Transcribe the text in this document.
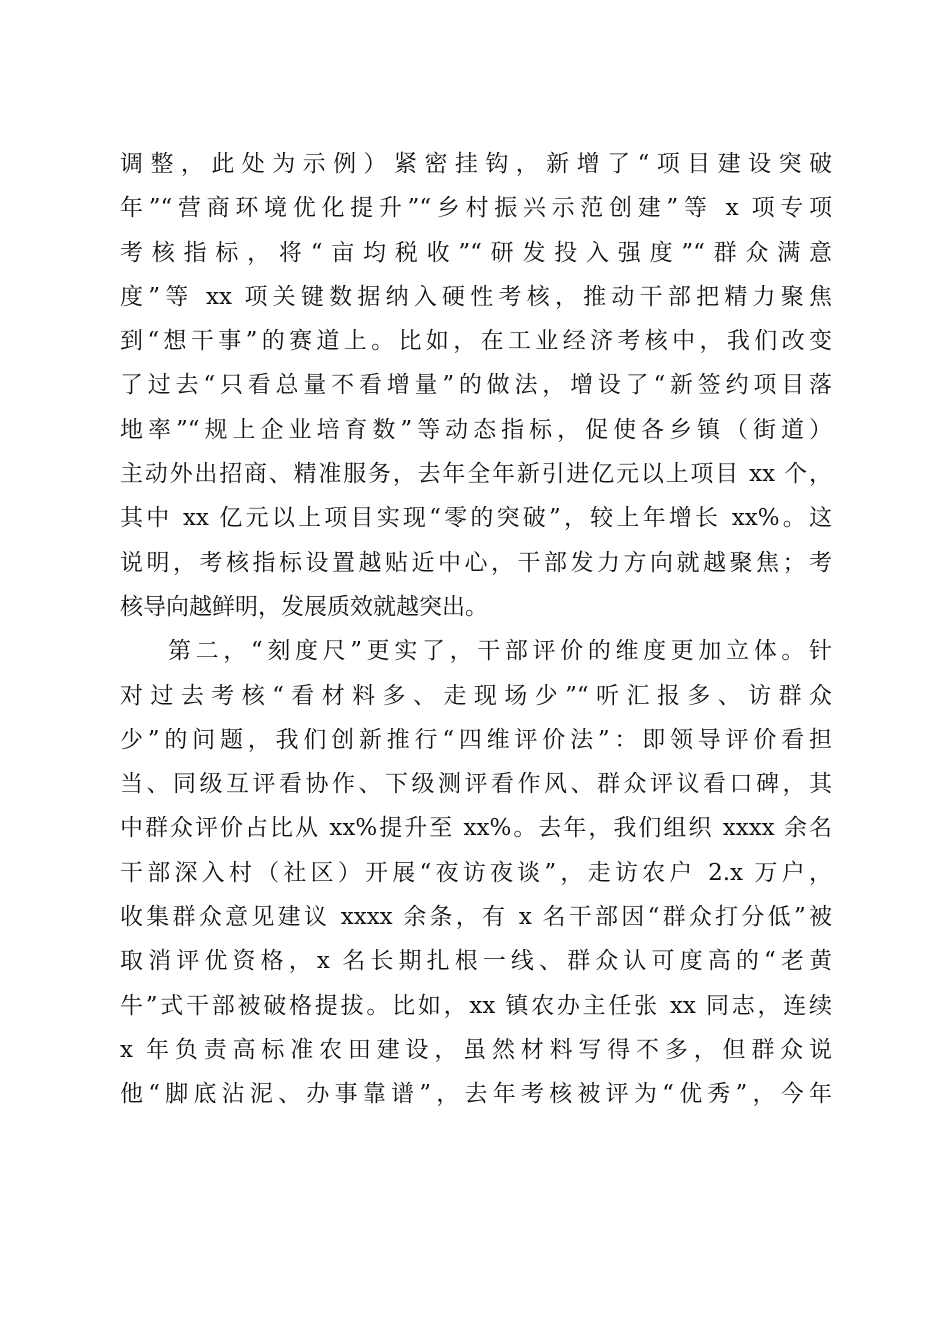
调整，此处为示例）紧密挂钩，新增了“项目建设突破
年”“营商环境优化提升”“乡村振兴示范创建”等 x 项专项
考核指标，将“亩均税收”“研发投入强度”“群众满意
度”等 xx 项关键数据纳入硬性考核，推动干部把精力聚焦
到“想干事”的赛道上。比如，在工业经济考核中，我们改变
了过去“只看总量不看增量”的做法，增设了“新签约项目落
地率”“规上企业培育数”等动态指标，促使各乡镇（街道）
主动外出招商、精准服务，去年全年新引进亿元以上项目 xx 个，
其中 xx 亿元以上项目实现“零的突破”，较上年增长 xx%。这
说明，考核指标设置越贴近中心，干部发力方向就越聚焦；考
核导向越鲜明，发展质效就越突出。
第二，“刻度尺”更实了，干部评价的维度更加立体。针
对过去考核“看材料多、走现场少”“听汇报多、访群众
少”的问题，我们创新推行“四维评价法”：即领导评价看担
当、同级互评看协作、下级测评看作风、群众评议看口碑，其
中群众评价占比从 xx%提升至 xx%。去年，我们组织 xxxx 余名
干部深入村（社区）开展“夜访夜谈”，走访农户 2.x 万户，
收集群众意见建议 xxxx 余条，有 x 名干部因“群众打分低”被
取消评优资格，x 名长期扎根一线、群众认可度高的“老黄
牛”式干部被破格提拔。比如，xx 镇农办主任张 xx 同志，连续
x 年负责高标准农田建设，虽然材料写得不多，但群众说
他“脚底沾泥、办事靠谱”，去年考核被评为“优秀”，今年
